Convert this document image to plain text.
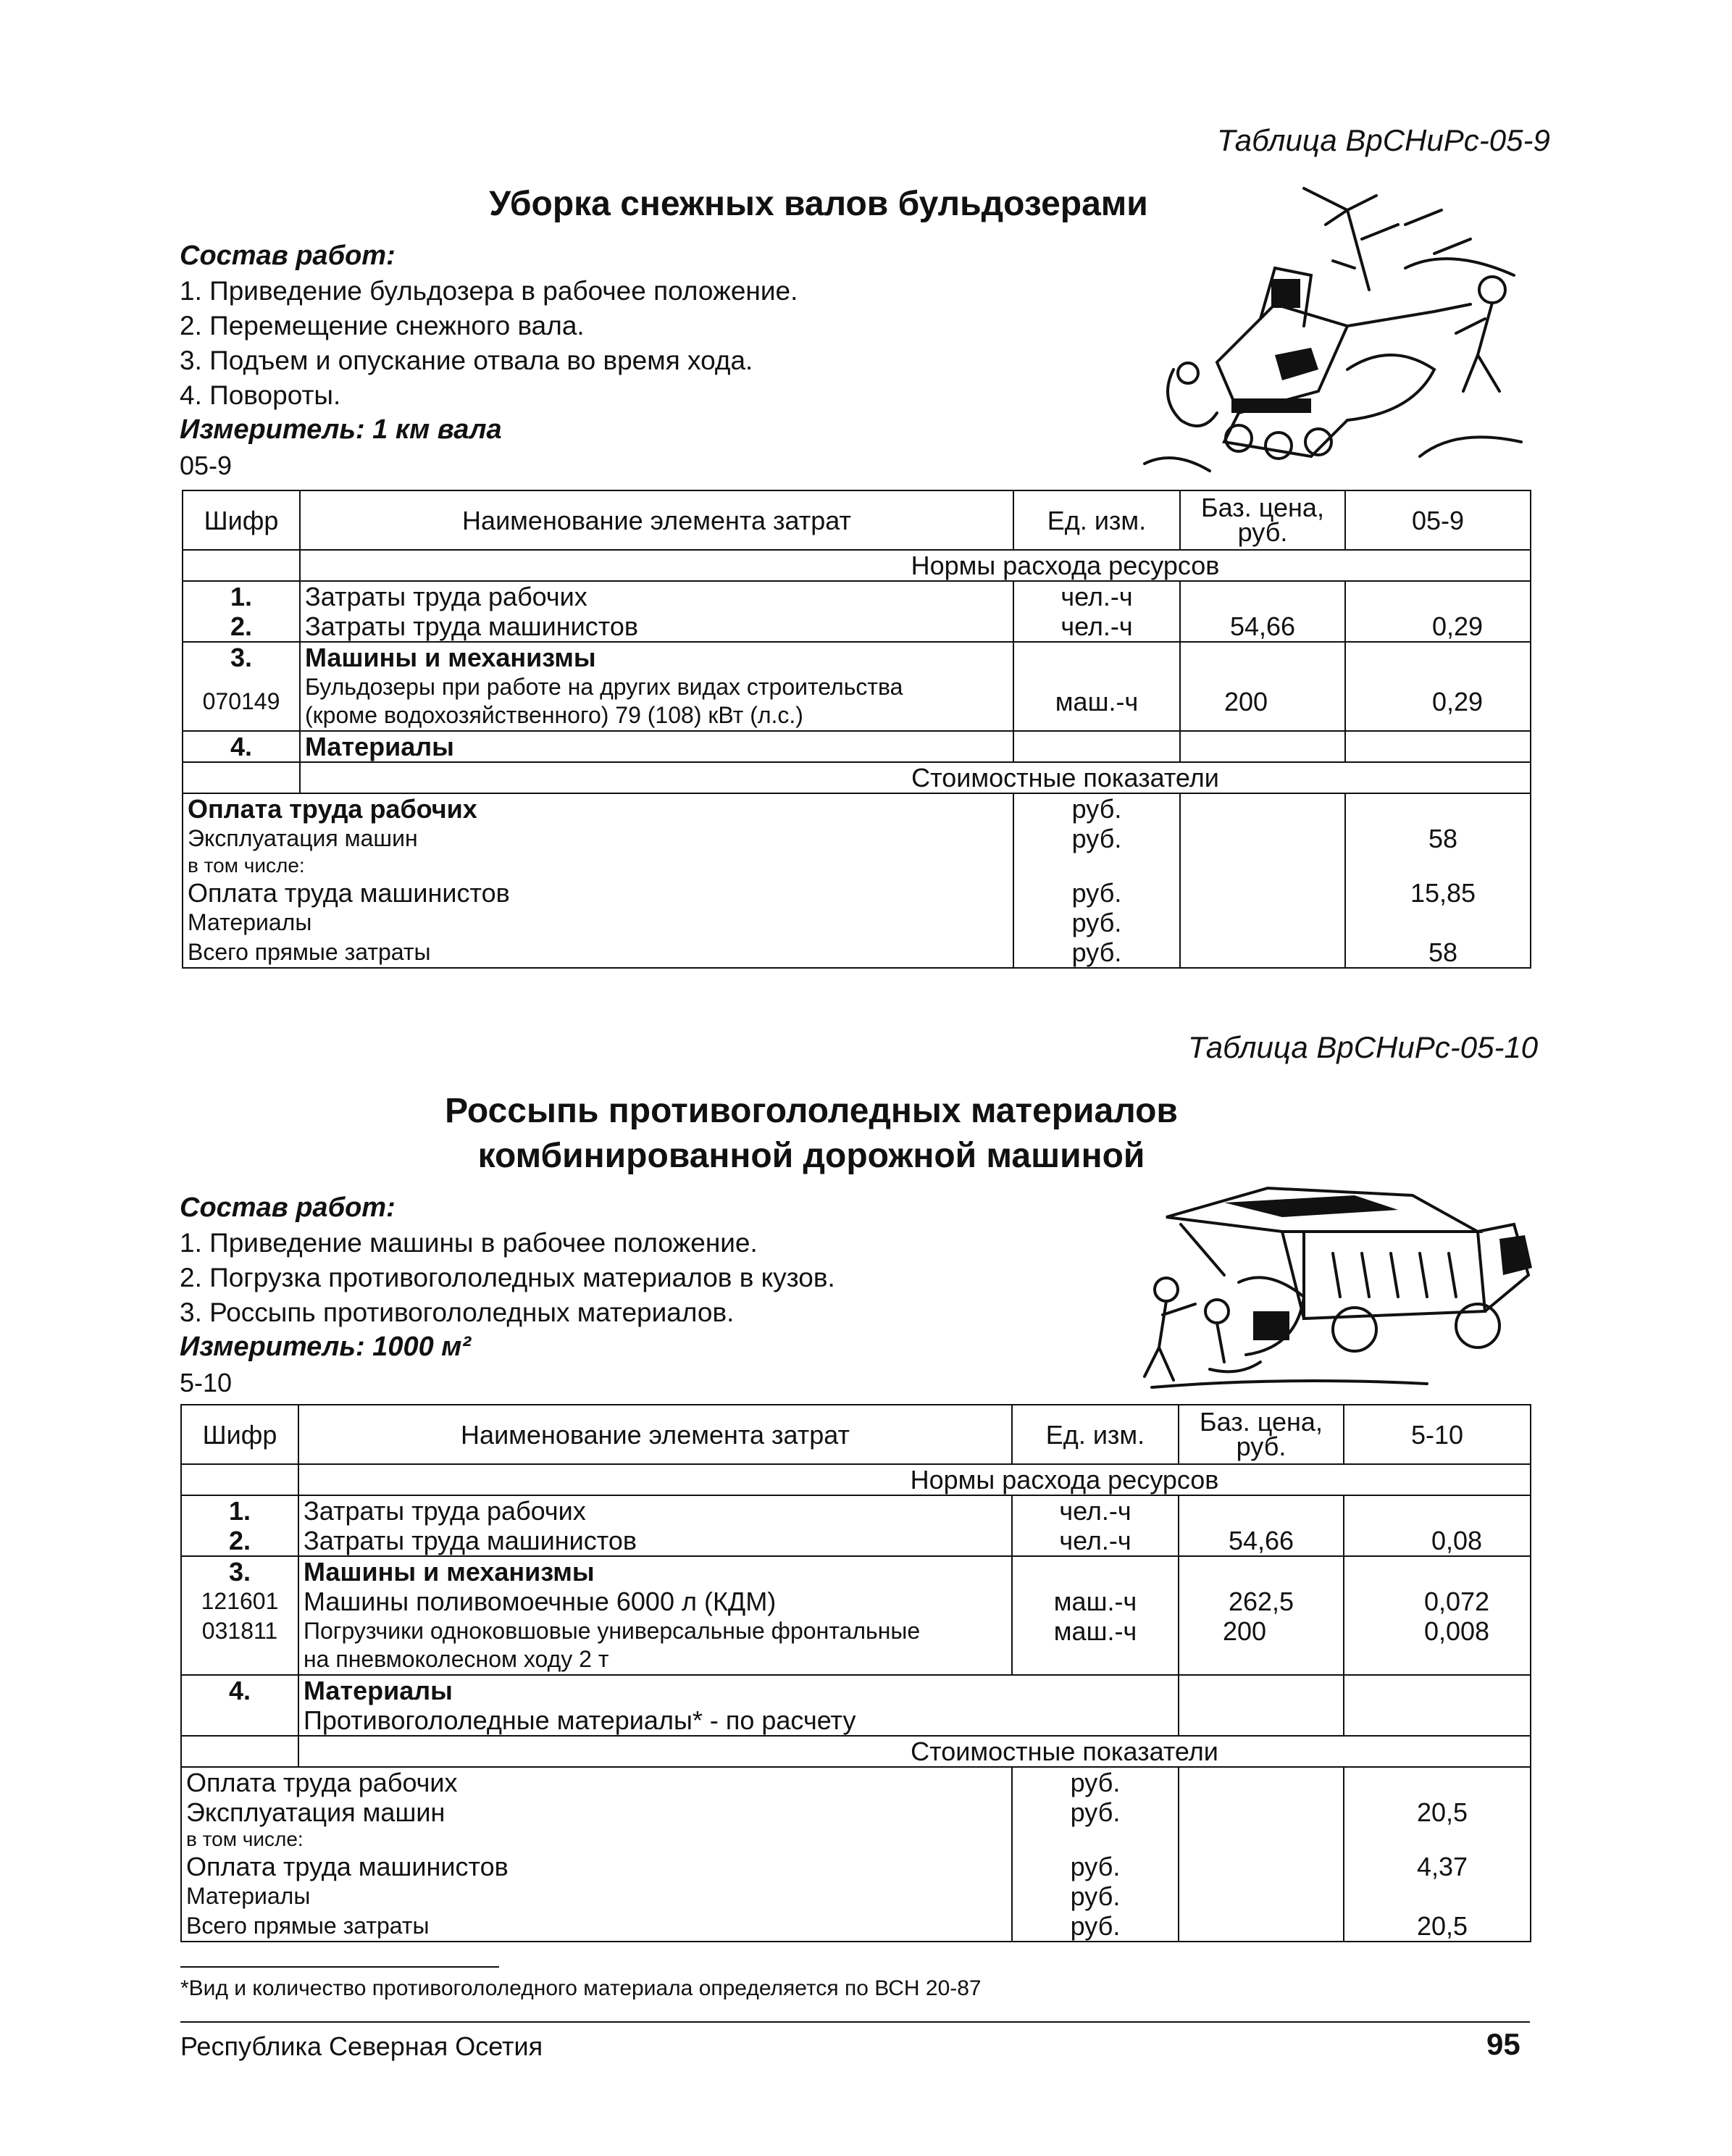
Таблица ВрСНиРс-05-9
Уборка снежных валов бульдозерами
Состав работ:
1. Приведение бульдозера в рабочее положение.
2. Перемещение снежного вала.
3. Подъем и опускание отвала во время хода.
4. Повороты.
Измеритель: 1 км вала
05-9
Шифр	Наименование элемента затрат	Ед. изм.	Баз. цена,
руб.	05-9
	Нормы расхода ресурсов			
1.	Затраты труда рабочих	чел.-ч		
2.	Затраты труда машинистов	чел.-ч	54,66	0,29
3.	Машины и механизмы			
070149	Бульдозеры при работе на других видах строительства
(кроме водохозяйственного) 79 (108) кВт (л.с.)	маш.-ч	200	0,29
4.	Материалы			
	Стоимостные показатели			
Оплата труда рабочих		руб.		
Эксплуатация машин		руб.		58
в том числе:				
Оплата труда машинистов		руб.		15,85
Материалы		руб.		
Всего прямые затраты		руб.		58
Таблица ВрСНиРс-05-10
Россыпь противогололедных материалов
комбинированной дорожной машиной
Состав работ:
1. Приведение машины в рабочее положение.
2. Погрузка противогололедных материалов в кузов.
3. Россыпь противогололедных материалов.
Измеритель: 1000 м²
5-10
Шифр	Наименование элемента затрат	Ед. изм.	Баз. цена,
руб.	5-10
	Нормы расхода ресурсов			
1.	Затраты труда рабочих	чел.-ч		
2.	Затраты труда машинистов	чел.-ч	54,66	0,08
3.	Машины и механизмы			
121601	Машины поливомоечные 6000 л (КДМ)	маш.-ч	262,5	0,072
031811	Погрузчики одноковшовые универсальные фронтальные
на пневмоколесном ходу 2 т	маш.-ч	200	0,008
4.	Материалы			
	Противогололедные материалы* - по расчету			
	Стоимостные показатели			
Оплата труда рабочих		руб.		
Эксплуатация машин		руб.		20,5
в том числе:				
Оплата труда машинистов		руб.		4,37
Материалы		руб.		
Всего прямые затраты		руб.		20,5
*Вид и количество противогололедного материала определяется по ВСН 20-87
Республика Северная Осетия	95
